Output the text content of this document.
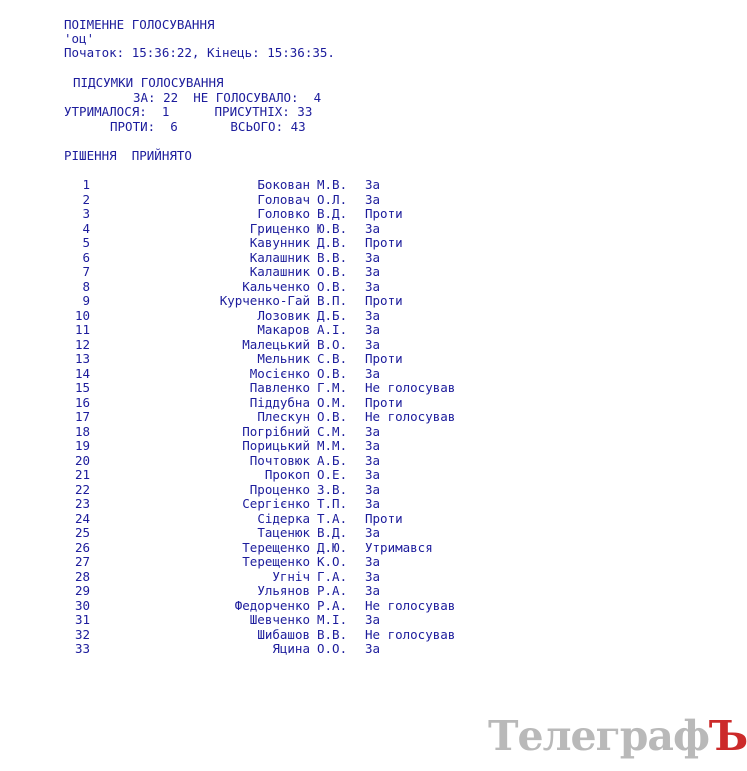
ПОІМЕННЕ ГОЛОСУВАННЯ
'оц'
Початок: 15:36:22, Кінець: 15:36:35.
ПІДСУМКИ ГОЛОСУВАННЯ
ЗА: 22  НЕ ГОЛОСУВАЛО:  4
УТРИМАЛОСЯ:  1      ПРИСУТНІХ: 33
ПРОТИ:  6       ВСЬОГО: 43
РІШЕННЯ  ПРИЙНЯТО
1	Бокован М.В. За
2	Головач О.Л. За
3	Головко В.Д. Проти
4	Гриценко Ю.В. За
5	Кавунник Д.В. Проти
6	Калашник В.В. За
7	Калашник О.В. За
8	Кальченко О.В. За
9	Курченко-Гай В.П. Проти
10	Лозовик Д.Б. За
11	Макаров А.І. За
12	Малецький В.О. За
13	Мельник С.В. Проти
14	Мосієнко О.В. За
15	Павленко Г.М. Не голосував
16	Піддубна О.М. Проти
17	Плескун О.В. Не голосував
18	Погрібний С.М. За
19	Порицький М.М. За
20	Почтовюк А.Б. За
21	Прокоп О.Е. За
22	Проценко З.В. За
23	Сергієнко Т.П. За
24	Сідерка Т.А. Проти
25	Таценюк В.Д. За
26	Терещенко Д.Ю. Утримався
27	Терещенко К.О. За
28	Угніч Г.А. За
29	Ульянов Р.А. За
30	Федорченко Р.А. Не голосував
31	Шевченко М.І. За
32	Шибашов В.В. Не голосував
33	Яцина О.О. За
ТелеграфЪ
